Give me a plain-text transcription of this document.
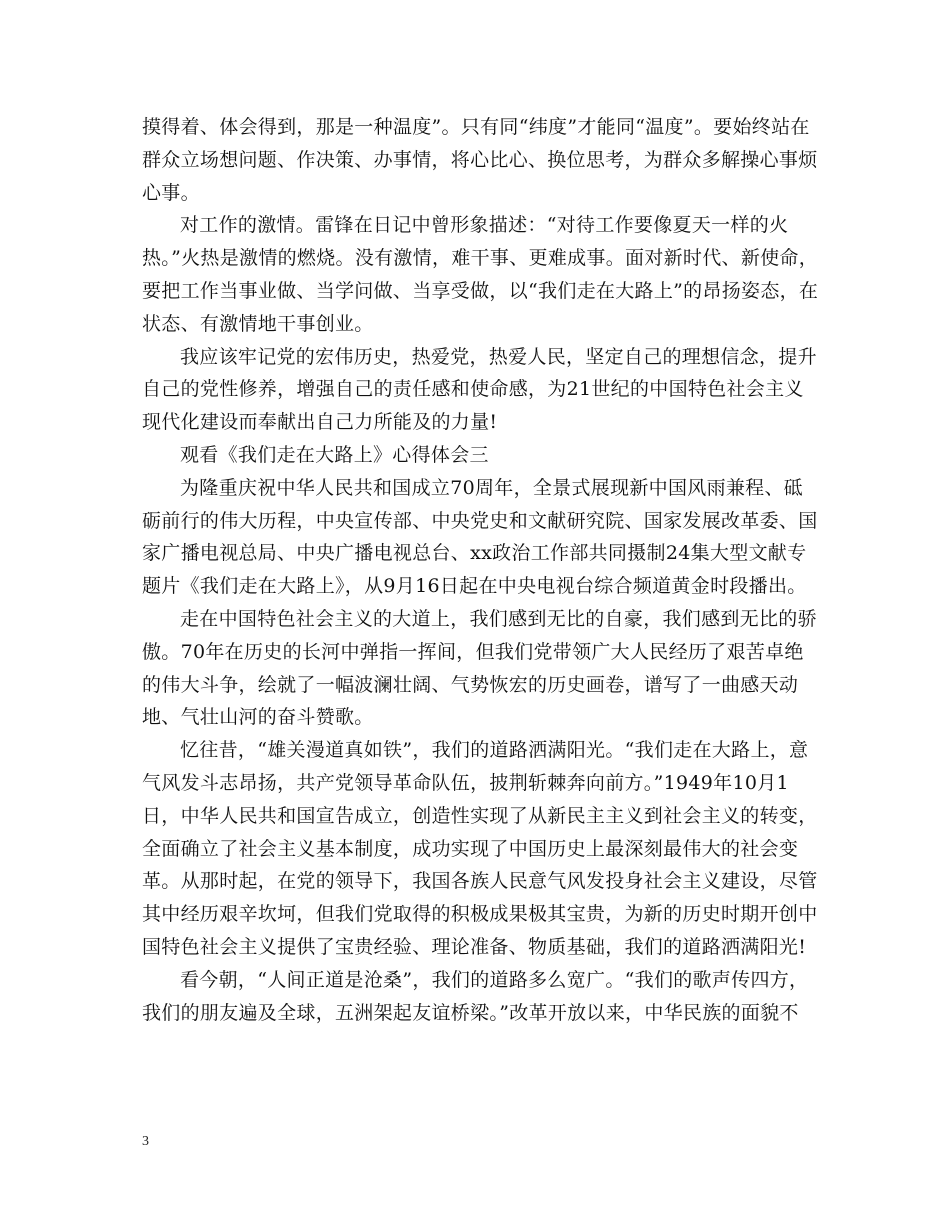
摸得着、体会得到，那是一种温度”。只有同“纬度”才能同“温度”。要始终站在群众立场想问题、作决策、办事情，将心比心、换位思考，为群众多解操心事烦心事。

对工作的激情。雷锋在日记中曾形象描述：“对待工作要像夏天一样的火热。”火热是激情的燃烧。没有激情，难干事、更难成事。面对新时代、新使命，要把工作当事业做、当学问做、当享受做，以“我们走在大路上”的昂扬姿态，在状态、有激情地干事创业。

我应该牢记党的宏伟历史，热爱党，热爱人民，坚定自己的理想信念，提升自己的党性修养，增强自己的责任感和使命感，为21世纪的中国特色社会主义现代化建设而奉献出自己力所能及的力量!

观看《我们走在大路上》心得体会三

为隆重庆祝中华人民共和国成立70周年，全景式展现新中国风雨兼程、砥砺前行的伟大历程，中央宣传部、中央党史和文献研究院、国家发展改革委、国家广播电视总局、中央广播电视总台、xx政治工作部共同摄制24集大型文献专题片《我们走在大路上》，从9月16日起在中央电视台综合频道黄金时段播出。

走在中国特色社会主义的大道上，我们感到无比的自豪，我们感到无比的骄傲。70年在历史的长河中弹指一挥间，但我们党带领广大人民经历了艰苦卓绝的伟大斗争，绘就了一幅波澜壮阔、气势恢宏的历史画卷，谱写了一曲感天动地、气壮山河的奋斗赞歌。

忆往昔，“雄关漫道真如铁”，我们的道路洒满阳光。“我们走在大路上，意气风发斗志昂扬，共产党领导革命队伍，披荆斩棘奔向前方。”1949年10月1日，中华人民共和国宣告成立，创造性实现了从新民主主义到社会主义的转变，全面确立了社会主义基本制度，成功实现了中国历史上最深刻最伟大的社会变革。从那时起，在党的领导下，我国各族人民意气风发投身社会主义建设，尽管其中经历艰辛坎坷，但我们党取得的积极成果极其宝贵，为新的历史时期开创中国特色社会主义提供了宝贵经验、理论准备、物质基础，我们的道路洒满阳光!

看今朝，“人间正道是沧桑”，我们的道路多么宽广。“我们的歌声传四方，我们的朋友遍及全球，五洲架起友谊桥梁。”改革开放以来，中华民族的面貌不

3
